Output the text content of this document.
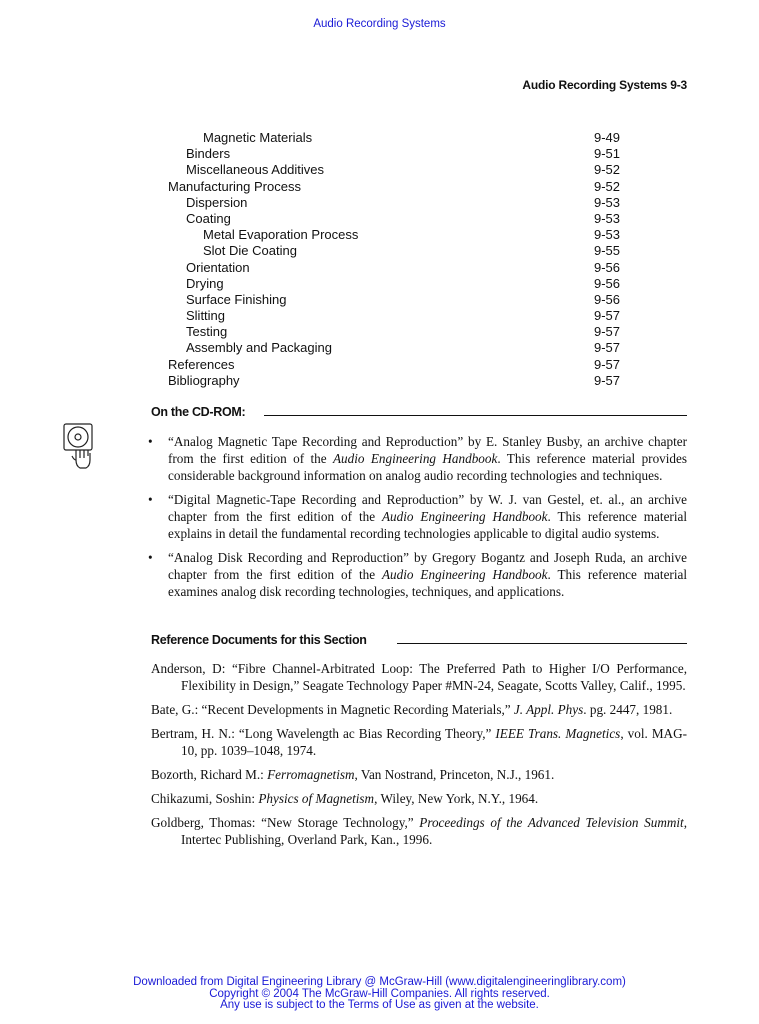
Audio Recording Systems
Audio Recording Systems 9-3
Magnetic Materials	9-49
Binders	9-51
Miscellaneous Additives	9-52
Manufacturing Process	9-52
Dispersion	9-53
Coating	9-53
Metal Evaporation Process	9-53
Slot Die Coating	9-55
Orientation	9-56
Drying	9-56
Surface Finishing	9-56
Slitting	9-57
Testing	9-57
Assembly and Packaging	9-57
References	9-57
Bibliography	9-57
On the CD-ROM:
• “Analog Magnetic Tape Recording and Reproduction” by E. Stanley Busby, an archive chapter from the first edition of the Audio Engineering Handbook. This reference material provides considerable background information on analog audio recording technologies and techniques.
• “Digital Magnetic-Tape Recording and Reproduction” by W. J. van Gestel, et. al., an archive chapter from the first edition of the Audio Engineering Handbook. This reference material explains in detail the fundamental recording technologies applicable to digital audio systems.
• “Analog Disk Recording and Reproduction” by Gregory Bogantz and Joseph Ruda, an archive chapter from the first edition of the Audio Engineering Handbook. This reference material examines analog disk recording technologies, techniques, and applications.
Reference Documents for this Section
Anderson, D: “Fibre Channel-Arbitrated Loop: The Preferred Path to Higher I/O Performance, Flexibility in Design,” Seagate Technology Paper #MN-24, Seagate, Scotts Valley, Calif., 1995.
Bate, G.: “Recent Developments in Magnetic Recording Materials,” J. Appl. Phys. pg. 2447, 1981.
Bertram, H. N.: “Long Wavelength ac Bias Recording Theory,” IEEE Trans. Magnetics, vol. MAG-10, pp. 1039–1048, 1974.
Bozorth, Richard M.: Ferromagnetism, Van Nostrand, Princeton, N.J., 1961.
Chikazumi, Soshin: Physics of Magnetism, Wiley, New York, N.Y., 1964.
Goldberg, Thomas: “New Storage Technology,” Proceedings of the Advanced Television Summit, Intertec Publishing, Overland Park, Kan., 1996.
Downloaded from Digital Engineering Library @ McGraw-Hill (www.digitalengineeringlibrary.com)
Copyright © 2004 The McGraw-Hill Companies. All rights reserved.
Any use is subject to the Terms of Use as given at the website.
